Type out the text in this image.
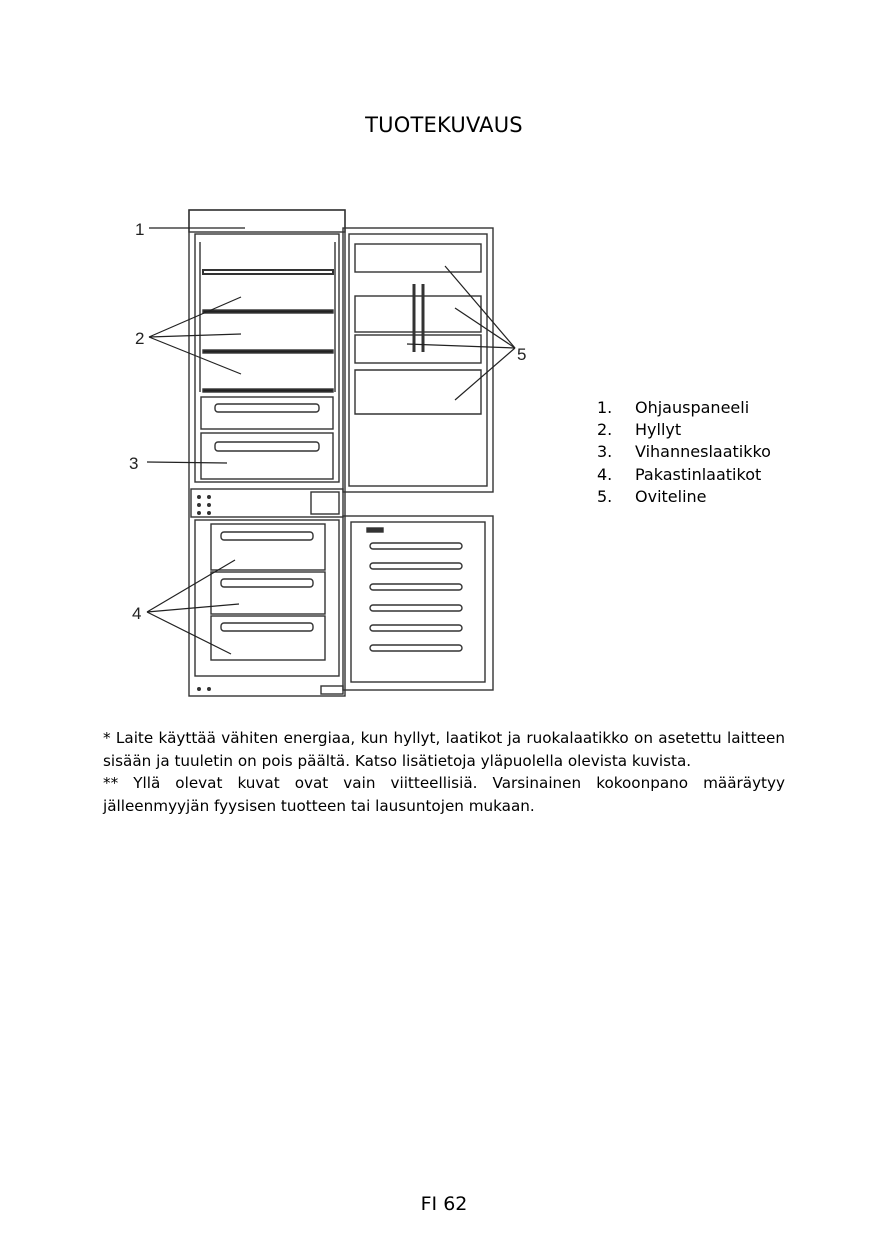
TUOTEKUVAUS
1
2
3
4
5
1.	Ohjauspaneeli
2.	Hyllyt
3.	Vihanneslaatikko
4.	Pakastinlaatikot
5.	Oviteline

* Laite käyttää vähiten energiaa, kun hyllyt, laatikot ja ruokalaatikko on asetettu laitteen sisään ja tuuletin on pois päältä. Katso lisätietoja yläpuolella olevista kuvista.

** Yllä olevat kuvat ovat vain viitteellisiä. Varsinainen kokoonpano määräytyy jälleenmyyjän fyysisen tuotteen tai lausuntojen mukaan.

FI 62
